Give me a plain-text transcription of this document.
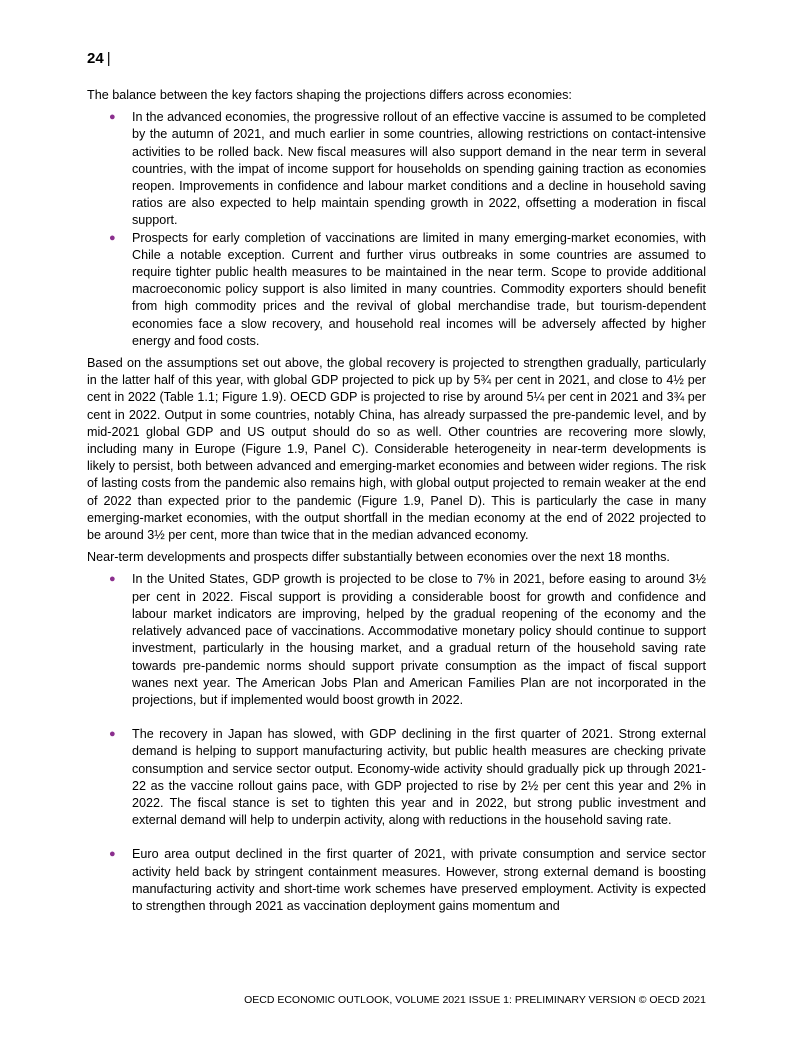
24 |

The balance between the key factors shaping the projections differs across economies:

● In the advanced economies, the progressive rollout of an effective vaccine is assumed to be completed by the autumn of 2021, and much earlier in some countries, allowing restrictions on contact-intensive activities to be rolled back. New fiscal measures will also support demand in the near term in several countries, with the impat of income support for households on spending gaining traction as economies reopen. Improvements in confidence and labour market conditions and a decline in household saving ratios are also expected to help maintain spending growth in 2022, offsetting a moderation in fiscal support.
● Prospects for early completion of vaccinations are limited in many emerging-market economies, with Chile a notable exception. Current and further virus outbreaks in some countries are assumed to require tighter public health measures to be maintained in the near term. Scope to provide additional macroeconomic policy support is also limited in many countries. Commodity exporters should benefit from high commodity prices and the revival of global merchandise trade, but tourism-dependent economies face a slow recovery, and household real incomes will be adversely affected by higher energy and food costs.

Based on the assumptions set out above, the global recovery is projected to strengthen gradually, particularly in the latter half of this year, with global GDP projected to pick up by 5¾ per cent in 2021, and close to 4½ per cent in 2022 (Table 1.1; Figure 1.9). OECD GDP is projected to rise by around 5¼ per cent in 2021 and 3¾ per cent in 2022. Output in some countries, notably China, has already surpassed the pre-pandemic level, and by mid-2021 global GDP and US output should do so as well. Other countries are recovering more slowly, including many in Europe (Figure 1.9, Panel C). Considerable heterogeneity in near-term developments is likely to persist, both between advanced and emerging-market economies and between wider regions. The risk of lasting costs from the pandemic also remains high, with global output projected to remain weaker at the end of 2022 than expected prior to the pandemic (Figure 1.9, Panel D). This is particularly the case in many emerging-market economies, with the output shortfall in the median economy at the end of 2022 projected to be around 3½ per cent, more than twice that in the median advanced economy.

Near-term developments and prospects differ substantially between economies over the next 18 months.

● In the United States, GDP growth is projected to be close to 7% in 2021, before easing to around 3½ per cent in 2022. Fiscal support is providing a considerable boost for growth and confidence and labour market indicators are improving, helped by the gradual reopening of the economy and the relatively advanced pace of vaccinations. Accommodative monetary policy should continue to support investment, particularly in the housing market, and a gradual return of the household saving rate towards pre-pandemic norms should support private consumption as the impact of fiscal support wanes next year. The American Jobs Plan and American Families Plan are not incorporated in the projections, but if implemented would boost growth in 2022.
● The recovery in Japan has slowed, with GDP declining in the first quarter of 2021. Strong external demand is helping to support manufacturing activity, but public health measures are checking private consumption and service sector output. Economy-wide activity should gradually pick up through 2021-22 as the vaccine rollout gains pace, with GDP projected to rise by 2½ per cent this year and 2% in 2022. The fiscal stance is set to tighten this year and in 2022, but strong public investment and external demand will help to underpin activity, along with reductions in the household saving rate.
● Euro area output declined in the first quarter of 2021, with private consumption and service sector activity held back by stringent containment measures. However, strong external demand is boosting manufacturing activity and short-time work schemes have preserved employment. Activity is expected to strengthen through 2021 as vaccination deployment gains momentum and
OECD ECONOMIC OUTLOOK, VOLUME 2021 ISSUE 1: PRELIMINARY VERSION © OECD 2021
